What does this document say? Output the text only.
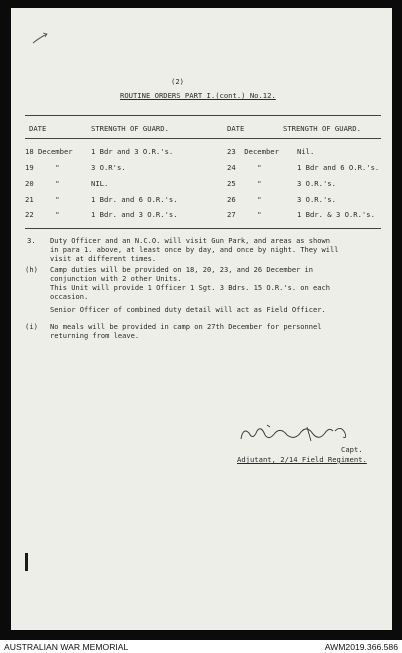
(2)
ROUTINE ORDERS PART I.(cont.) No.12.
DATE	STRENGTH OF GUARD.	DATE	STRENGTH OF GUARD.
18 December	1 Bdr and 3 O.R.'s.	23  December	Nil.
19     "	3 O.R's.	24     "	1 Bdr and 6 O.R.'s.
20     "	NIL.	25     "	3 O.R.'s.
21     "	1 Bdr. and 6 O.R.'s.	26     "	3 O.R.'s.
22     "	1 Bdr. and 3 O.R.'s.	27     "	1 Bdr. & 3 O.R.'s.
3. Duty Officer and an N.C.O. will visit Gun Park, and areas as shown
in para 1. above, at least once by day, and once by night. They will
visit at different times.
(h) Camp duties will be provided on 18, 20, 23, and 26 December in
conjunction with 2 other Units.
This Unit will provide 1 Officer 1 Sgt. 3 Bdrs. 15 O.R.'s. on each
occasion.
Senior Officer of combined duty detail will act as Field Officer.
(i) No meals will be provided in camp on 27th December for personnel
returning from leave.
Capt.
Adjutant, 2/14 Field Regiment.
AUSTRALIAN WAR MEMORIAL	AWM2019.366.586
